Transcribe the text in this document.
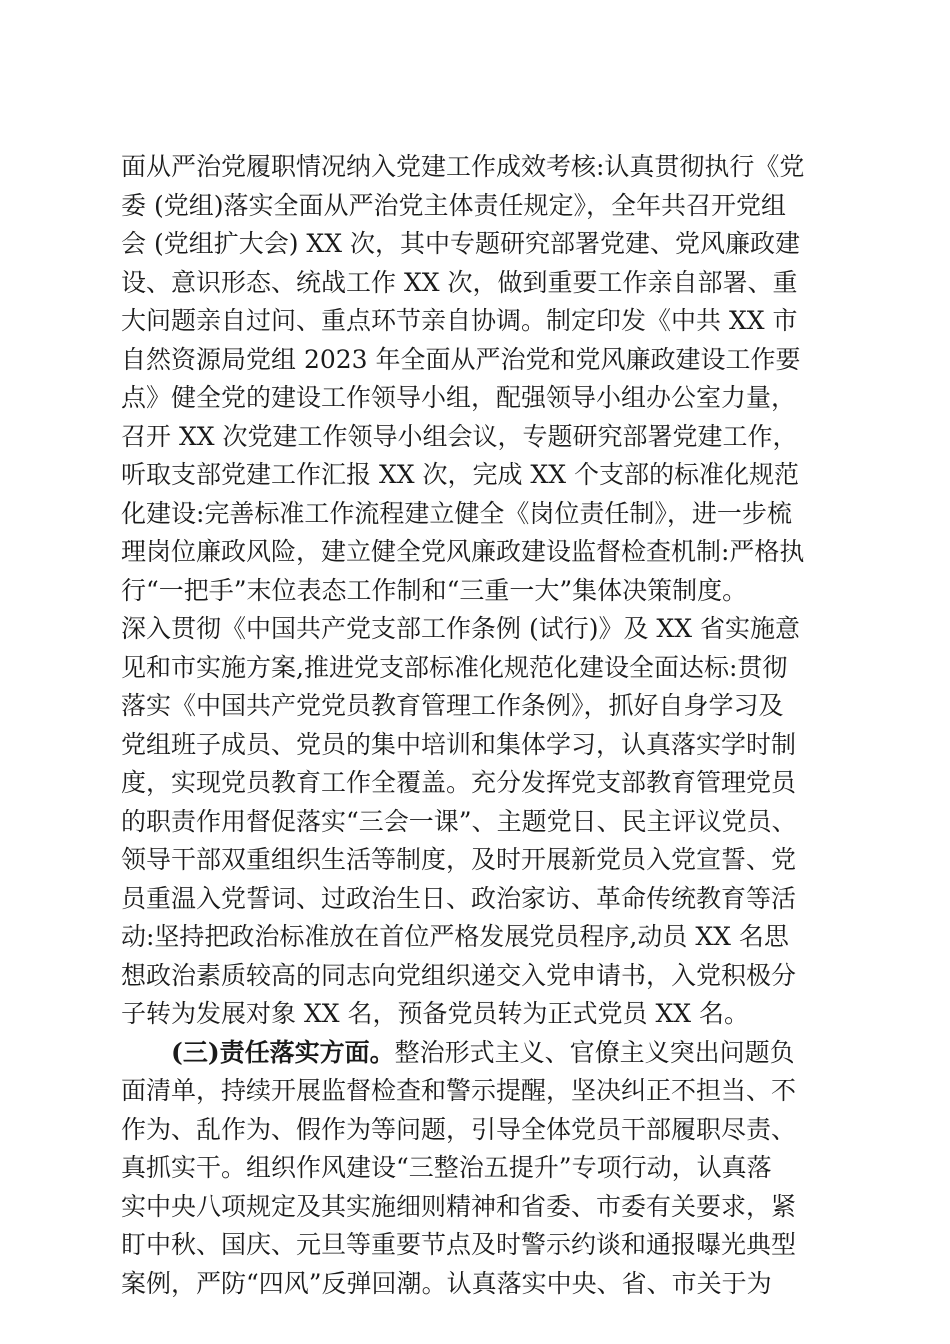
面从严治党履职情况纳入党建工作成效考核:认真贯彻执行《党
委 (党组)落实全面从严治党主体责任规定》，全年共召开党组
会 (党组扩大会) XX 次，其中专题研究部署党建、党风廉政建
设、意识形态、统战工作 XX 次，做到重要工作亲自部署、重
大问题亲自过问、重点环节亲自协调。制定印发《中共 XX 市
自然资源局党组 2023 年全面从严治党和党风廉政建设工作要
点》健全党的建设工作领导小组，配强领导小组办公室力量，
召开 XX 次党建工作领导小组会议，专题研究部署党建工作，
听取支部党建工作汇报 XX 次，完成 XX 个支部的标准化规范
化建设:完善标准工作流程建立健全《岗位责任制》，进一步梳
理岗位廉政风险，建立健全党风廉政建设监督检查机制:严格执
行“一把手”末位表态工作制和“三重一大”集体决策制度。
深入贯彻《中国共产党支部工作条例 (试行)》及 XX 省实施意
见和市实施方案,推进党支部标准化规范化建设全面达标:贯彻
落实《中国共产党党员教育管理工作条例》，抓好自身学习及
党组班子成员、党员的集中培训和集体学习，认真落实学时制
度，实现党员教育工作全覆盖。充分发挥党支部教育管理党员
的职责作用督促落实“三会一课”、主题党日、民主评议党员、
领导干部双重组织生活等制度，及时开展新党员入党宣誓、党
员重温入党誓词、过政治生日、政治家访、革命传统教育等活
动:坚持把政治标准放在首位严格发展党员程序,动员 XX 名思
想政治素质较高的同志向党组织递交入党申请书，入党积极分
子转为发展对象 XX 名，预备党员转为正式党员 XX 名。
(三)责任落实方面。整治形式主义、官僚主义突出问题负
面清单，持续开展监督检查和警示提醒，坚决纠正不担当、不
作为、乱作为、假作为等问题，引导全体党员干部履职尽责、
真抓实干。组织作风建设“三整治五提升”专项行动，认真落
实中央八项规定及其实施细则精神和省委、市委有关要求，紧
盯中秋、国庆、元旦等重要节点及时警示约谈和通报曝光典型
案例，严防“四风”反弹回潮。认真落实中央、省、市关于为
